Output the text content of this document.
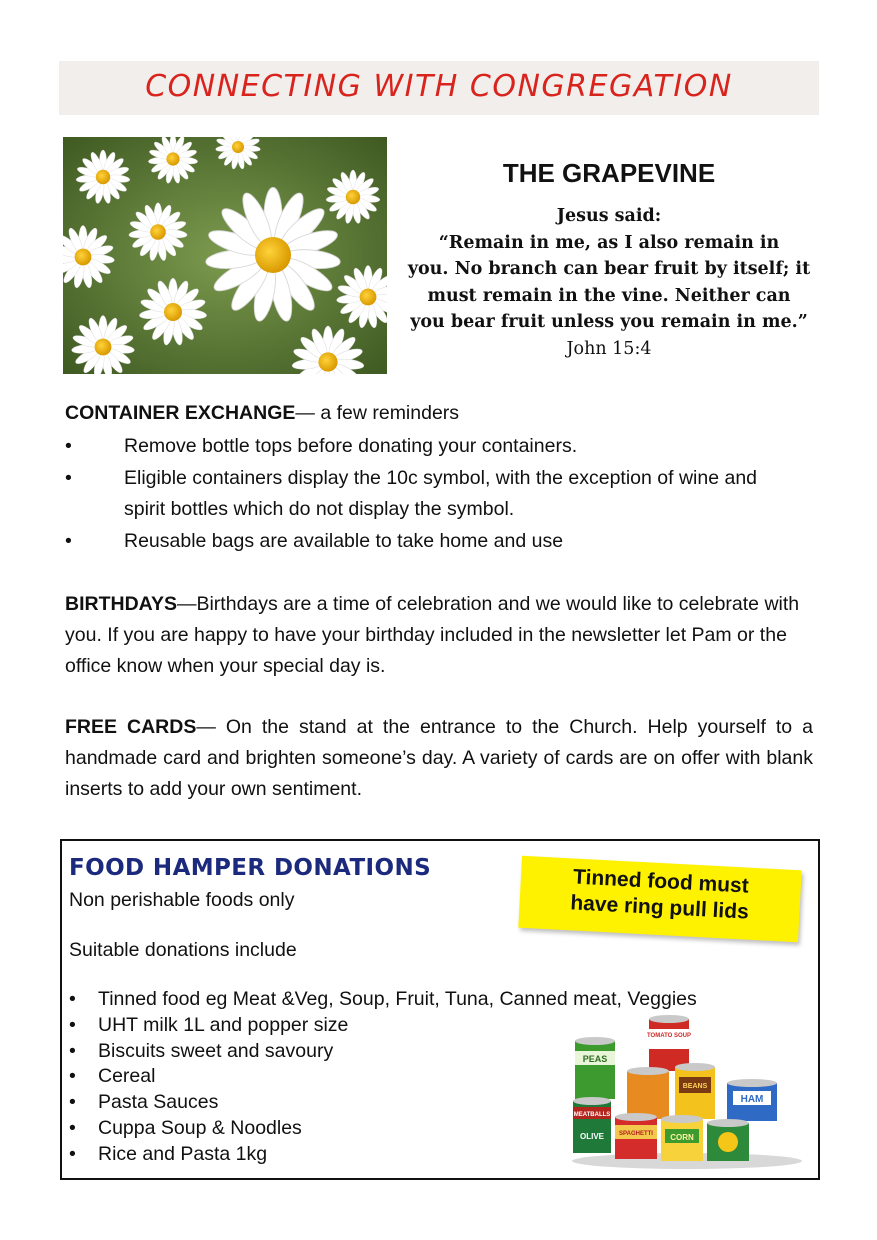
CONNECTING WITH CONGREGATION
THE GRAPEVINE
Jesus said:
“Remain in me, as I also remain in
you. No branch can bear fruit by itself; it
must remain in the vine. Neither can
you bear fruit unless you remain in me.”
John 15:4
CONTAINER EXCHANGE— a few reminders
•	Remove bottle tops before donating your containers.
•	Eligible containers display the 10c symbol, with the exception of wine and spirit bottles which do not display the symbol.
•	Reusable bags are available to take home and use
BIRTHDAYS—Birthdays are a time of celebration and we would like to celebrate with you. If you are happy to have your birthday included in the newsletter let Pam or the office know when your special day is.
FREE CARDS— On the stand at the entrance to the Church. Help yourself to a handmade card and brighten someone’s day. A variety of cards are on offer with blank inserts to add your own sentiment.
FOOD HAMPER DONATIONS
Non perishable foods only
Suitable donations include
Tinned food must
have ring pull lids
• Tinned food eg Meat &Veg, Soup, Fruit, Tuna, Canned meat, Veggies
• UHT milk 1L and popper size
• Biscuits sweet and savoury
• Cereal
• Pasta Sauces
• Cuppa Soup & Noodles
• Rice and Pasta 1kg
TOMATO SOUP
PEAS
BEANS
HAM
MEATBALLS
OLIVE	SPAGHETTI CORN
